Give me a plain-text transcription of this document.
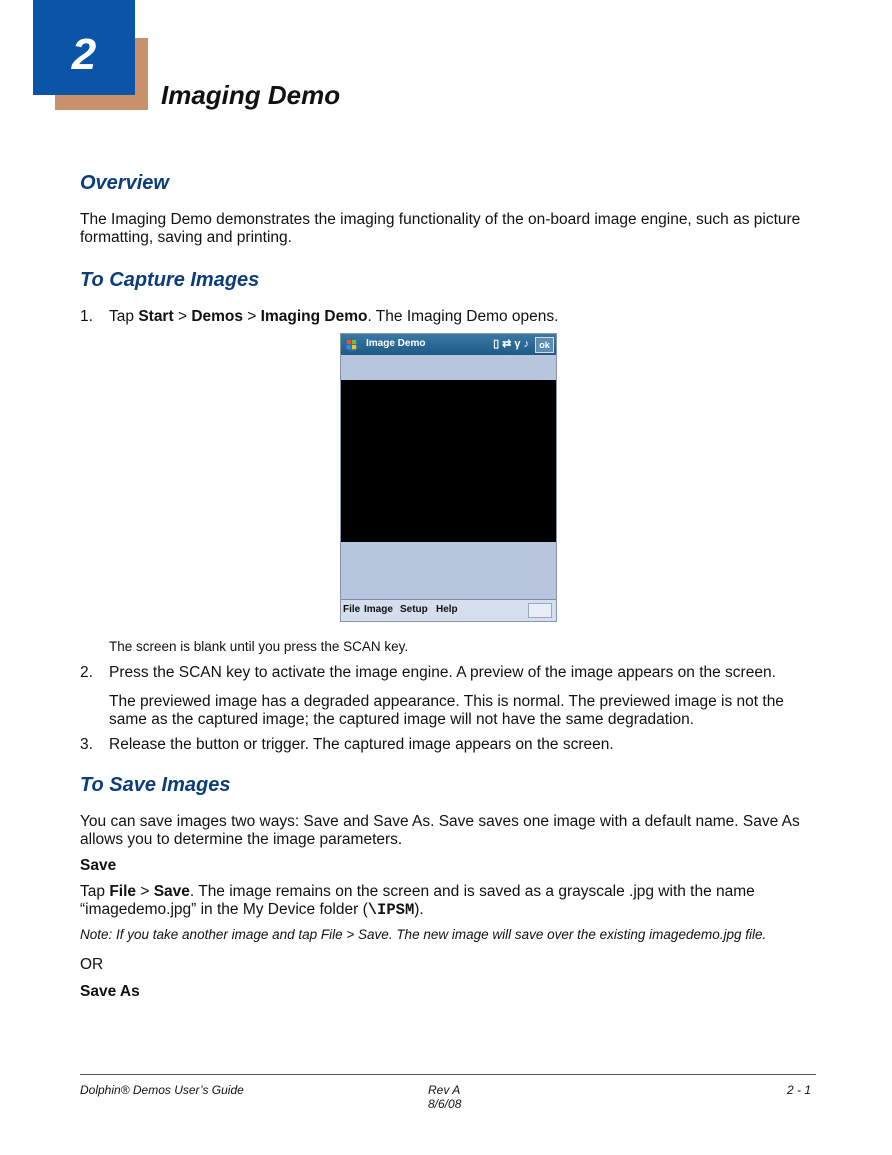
2
Imaging Demo
Overview

The Imaging Demo demonstrates the imaging functionality of the on-board image engine, such as picture formatting, saving and printing.

To Capture Images
1. Tap Start > Demos > Imaging Demo. The Imaging Demo opens.
Image Demo	▯⇄γ♪ ok
File Image Setup Help

The screen is blank until you press the SCAN key.

2. Press the SCAN key to activate the image engine. A preview of the image appears on the screen.

The previewed image has a degraded appearance. This is normal. The previewed image is not the same as the captured image; the captured image will not have the same degradation.

3. Release the button or trigger. The captured image appears on the screen.
To Save Images

You can save images two ways: Save and Save As. Save saves one image with a default name. Save As allows you to determine the image parameters.

Save

Tap File > Save. The image remains on the screen and is saved as a grayscale .jpg with the name “imagedemo.jpg” in the My Device folder (\IPSM).

Note: If you take another image and tap File > Save. The new image will save over the existing imagedemo.jpg file.

OR

Save As

Dolphin® Demos User’s Guide	Rev A
8/6/08
2 - 1
